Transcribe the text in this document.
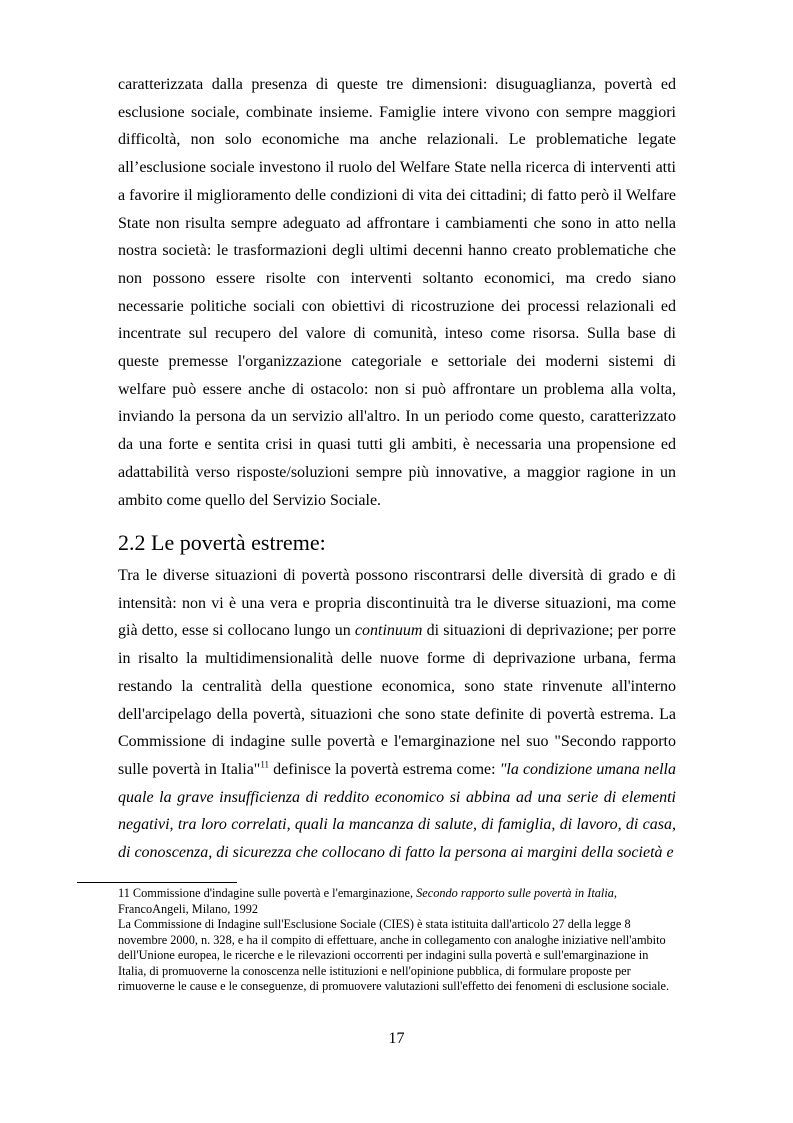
caratterizzata dalla presenza di queste tre dimensioni: disuguaglianza, povertà ed esclusione sociale, combinate insieme. Famiglie intere vivono con sempre maggiori difficoltà, non solo economiche ma anche relazionali. Le problematiche legate all’esclusione sociale investono il ruolo del Welfare State nella ricerca di interventi atti a favorire il miglioramento delle condizioni di vita dei cittadini; di fatto però il Welfare State non risulta sempre adeguato ad affrontare i cambiamenti che sono in atto nella nostra società: le trasformazioni degli ultimi decenni hanno creato problematiche che non possono essere risolte con interventi soltanto economici, ma credo siano necessarie politiche sociali con obiettivi di ricostruzione dei processi relazionali ed incentrate sul recupero del valore di comunità, inteso come risorsa. Sulla base di queste premesse l'organizzazione categoriale e settoriale dei moderni sistemi di welfare può essere anche di ostacolo: non si può affrontare un problema alla volta, inviando la persona da un servizio all'altro. In un periodo come questo, caratterizzato da una forte e sentita crisi in quasi tutti gli ambiti, è necessaria una propensione ed adattabilità verso risposte/soluzioni sempre più innovative, a maggior ragione in un ambito come quello del Servizio Sociale.

2.2 Le povertà estreme:

Tra le diverse situazioni di povertà possono riscontrarsi delle diversità di grado e di intensità: non vi è una vera e propria discontinuità tra le diverse situazioni, ma come già detto, esse si collocano lungo un continuum di situazioni di deprivazione; per porre in risalto la multidimensionalità delle nuove forme di deprivazione urbana, ferma restando la centralità della questione economica, sono state rinvenute all'interno dell'arcipelago della povertà, situazioni che sono state definite di povertà estrema. La Commissione di indagine sulle povertà e l'emarginazione nel suo "Secondo rapporto sulle povertà in Italia"$^{11}$ definisce la povertà estrema come: "la condizione umana nella quale la grave insufficienza di reddito economico si abbina ad una serie di elementi negativi, tra loro correlati, quali la mancanza di salute, di famiglia, di lavoro, di casa, di conoscenza, di sicurezza che collocano di fatto la persona ai margini della società e

11 Commissione d'indagine sulle povertà e l'emarginazione, Secondo rapporto sulle povertà in Italia, FrancoAngeli, Milano, 1992

La Commissione di Indagine sull'Esclusione Sociale (CIES) è stata istituita dall'articolo 27 della legge 8 novembre 2000, n. 328, e ha il compito di effettuare, anche in collegamento con analoghe iniziative nell'ambito dell'Unione europea, le ricerche e le rilevazioni occorrenti per indagini sulla povertà e sull'emarginazione in Italia, di promuoverne la conoscenza nelle istituzioni e nell'opinione pubblica, di formulare proposte per rimuoverne le cause e le conseguenze, di promuovere valutazioni sull'effetto dei fenomeni di esclusione sociale.

17
